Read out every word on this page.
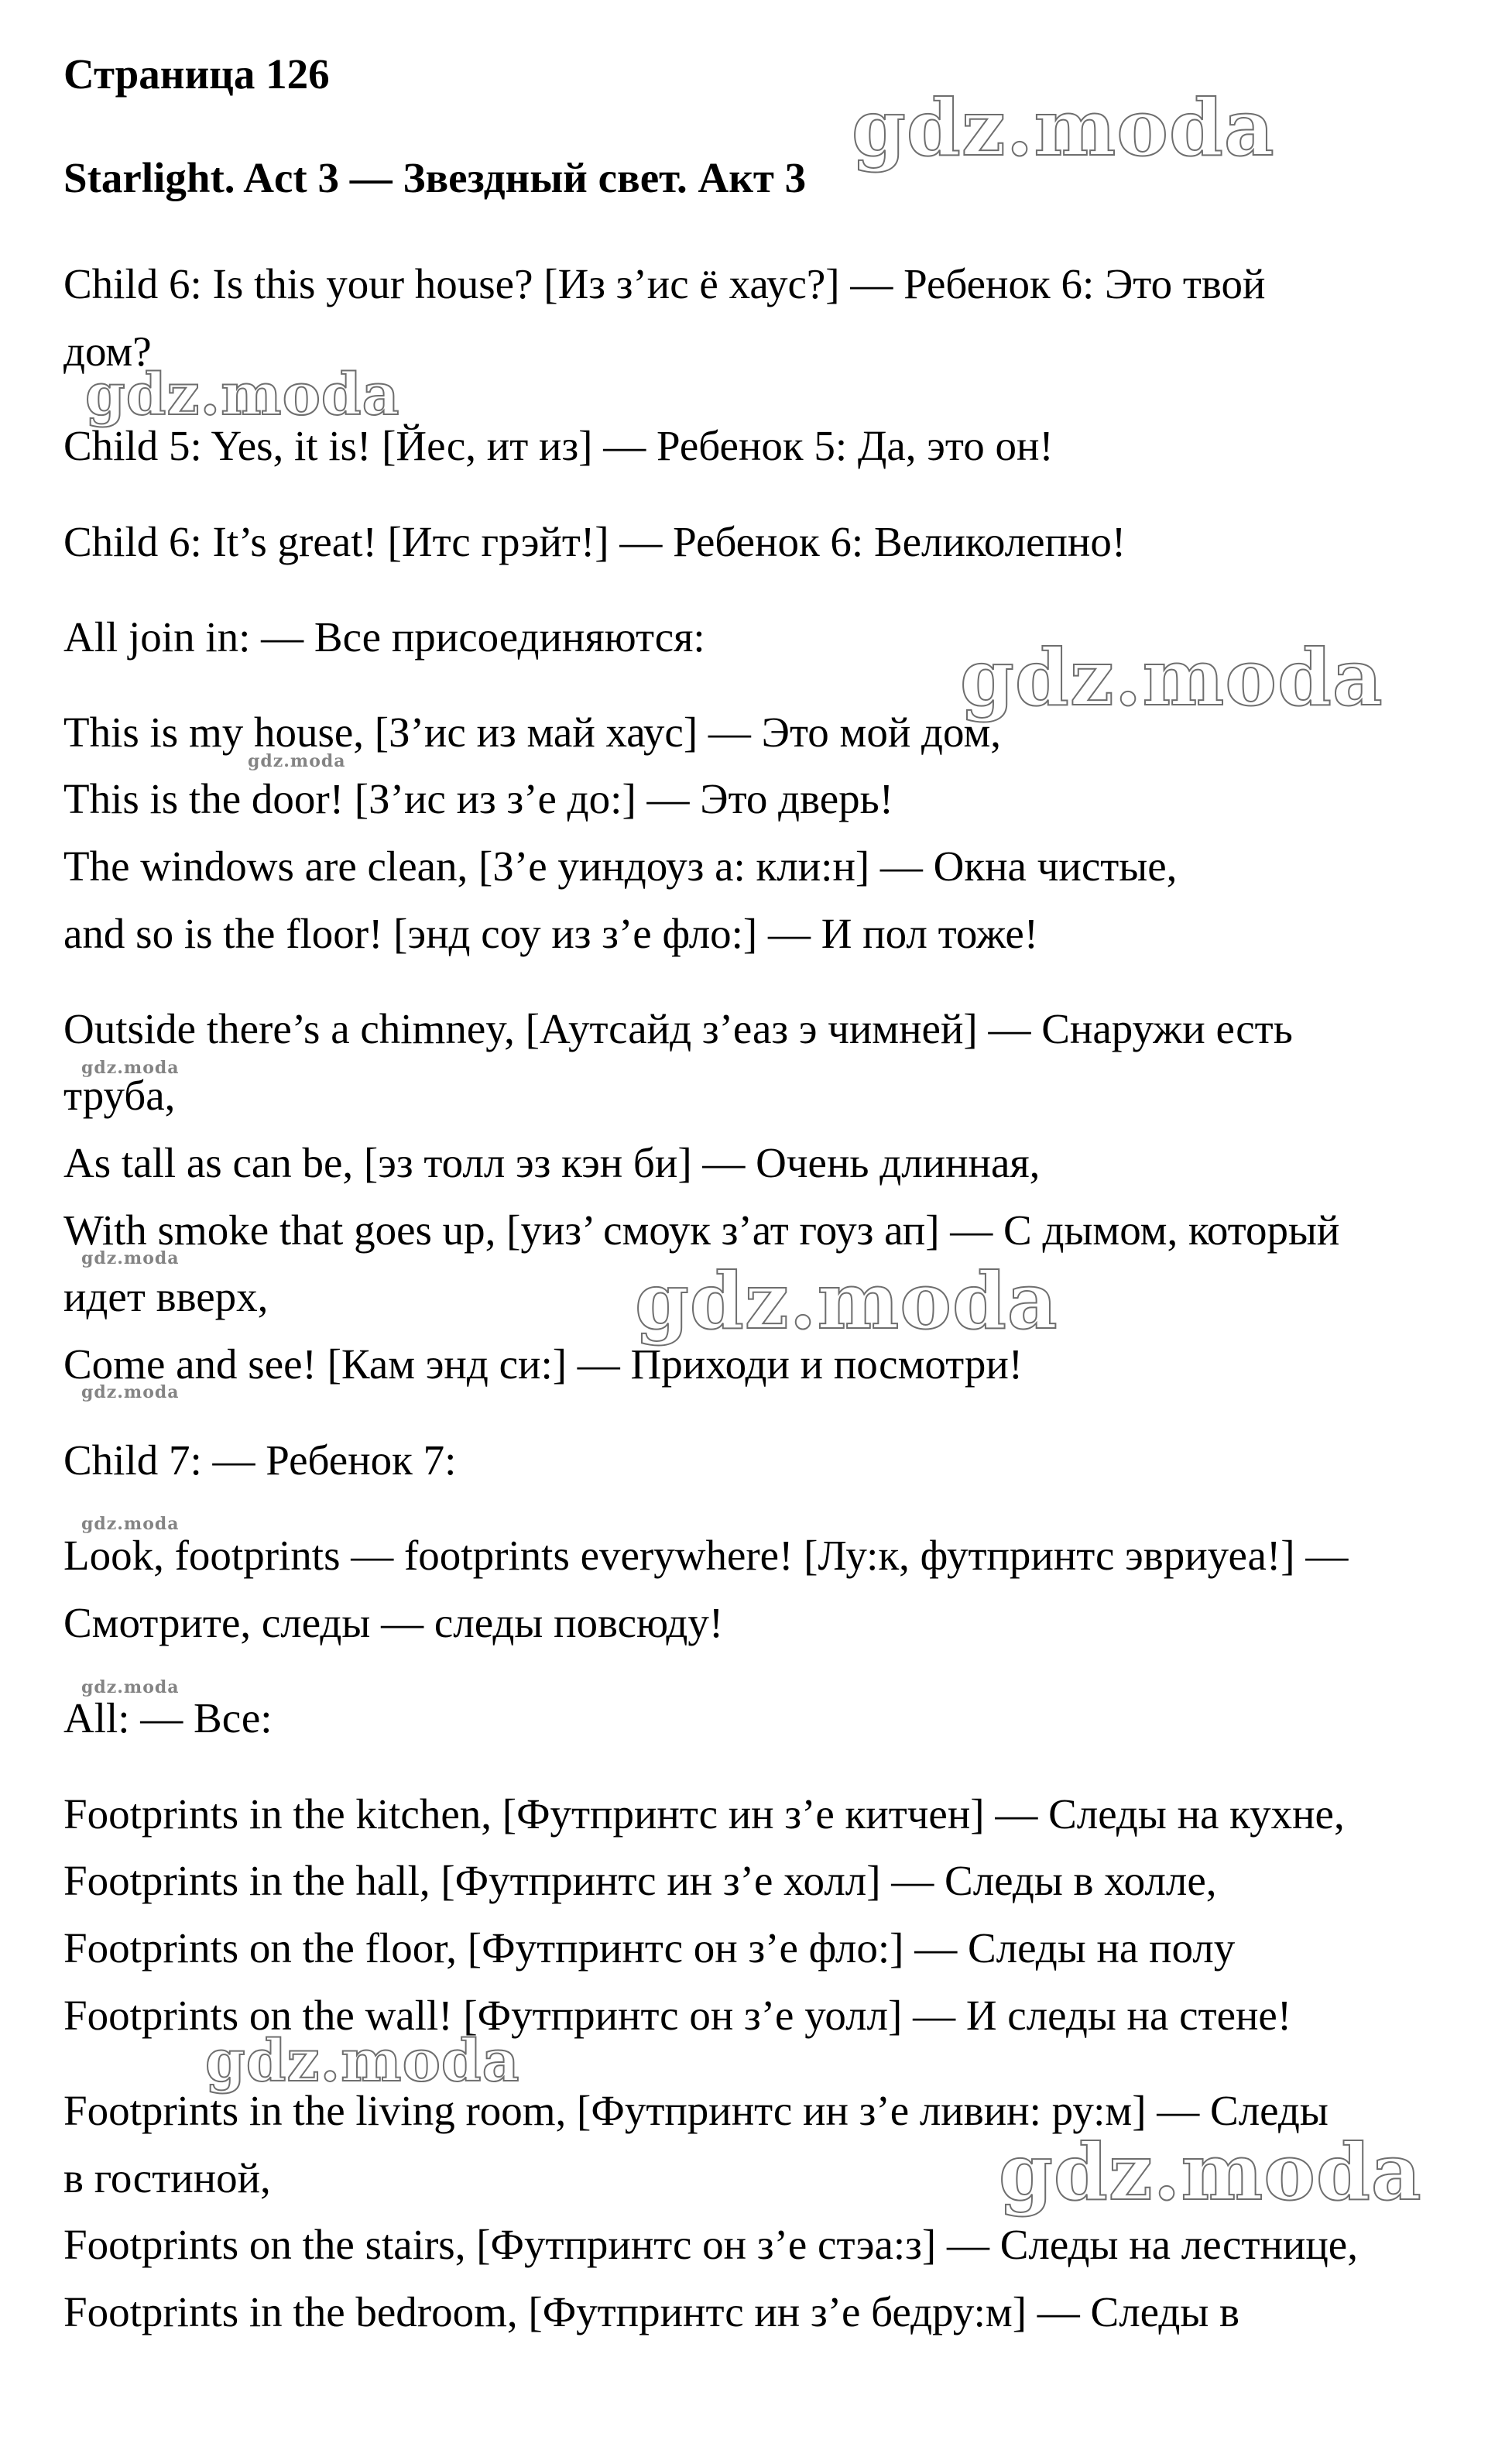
Страница 126
Starlight. Act 3 — Звездный свет. Акт 3
Child 6: Is this your house? [Из з’ис ё хаус?] — Ребенок 6: Это твой
дом?
Child 5: Yes, it is! [Йес, ит из] — Ребенок 5: Да, это он!
Child 6: It’s great! [Итс грэйт!] — Ребенок 6: Великолепно!
All join in: — Все присоединяются:
This is my house, [З’ис из май хаус] — Это мой дом,
This is the door! [З’ис из з’е до:] — Это дверь!
The windows are clean, [З’е уиндоуз а: кли:н] — Окна чистые,
and so is the floor! [энд соу из з’е фло:] — И пол тоже!
Outside there’s a chimney, [Аутсайд з’еаз э чимней] — Снаружи есть
труба,
As tall as can be, [эз толл эз кэн би] — Очень длинная,
With smoke that goes up, [уиз’ смоук з’ат гоуз ап] — С дымом, который
идет вверх,
Come and see! [Кам энд си:] — Приходи и посмотри!
Child 7: — Ребенок 7:
Look, footprints — footprints everywhere! [Лу:к, футпринтс эвриуеа!] —
Смотрите, следы — следы повсюду!
All: — Все:
Footprints in the kitchen, [Футпринтс ин з’е китчен] — Следы на кухне,
Footprints in the hall, [Футпринтс ин з’е холл] — Следы в холле,
Footprints on the floor, [Футпринтс он з’е фло:] — Следы на полу
Footprints on the wall! [Футпринтс он з’е уолл] — И следы на стене!
Footprints in the living room, [Футпринтс ин з’е ливин: ру:м] — Следы
в гостиной,
Footprints on the stairs, [Футпринтс он з’е стэа:з] — Следы на лестнице,
Footprints in the bedroom, [Футпринтс ин з’е бедру:м] — Следы в
gdz.moda
gdz.moda
gdz.moda
gdz.moda
gdz.moda
gdz.moda	gdz.moda
gdz.moda
gdz.moda
gdz.moda
gdz.moda
gdz.moda
